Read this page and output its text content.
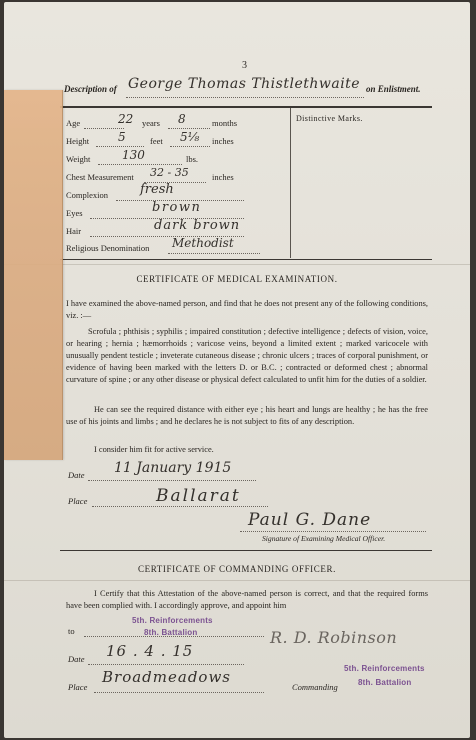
3
Description of George Thomas Thistlethwaite on Enlistment.
Distinctive Marks.
Age	22 years 8	months
Height 5	feet 5⅛ inches
Weight	130	lbs.
Chest Measurement 32 - 35	inches
Complexion fresh
Eyes	brown
Hair	dark brown
Religious Denomination Methodist
CERTIFICATE OF MEDICAL EXAMINATION.
I have examined the above-named person, and find that he does not present any of the following conditions, viz. :—
Scrofula ; phthisis ; syphilis ; impaired constitution ; defective intelligence ; defects of vision, voice, or hearing ; hernia ; hæmorrhoids ; varicose veins, beyond a limited extent ; marked varicocele with unusually pendent testicle ; inveterate cutaneous disease ; chronic ulcers ; traces of corporal punishment, or evidence of having been marked with the letters D. or B.C. ; contracted or deformed chest ; abnormal curvature of spine ; or any other disease or physical defect calculated to unfit him for the duties of a soldier.
He can see the required distance with either eye ; his heart and lungs are healthy ; he has the free use of his joints and limbs ; and he declares he is not subject to fits of any description.
I consider him fit for active service.
Date 11 January 1915
Place	Ballarat
Paul G. Dane
Signature of Examining Medical Officer.
CERTIFICATE OF COMMANDING OFFICER.
I Certify that this Attestation of the above-named person is correct, and that the required forms have been complied with. I accordingly approve, and appoint him
to
5th. Reinforcements
8th. Battalion
Date 16 . 4 . 15
R. D. Robinson
Place
Broadmeadows
Commanding
5th. Reinforcements
8th. Battalion
